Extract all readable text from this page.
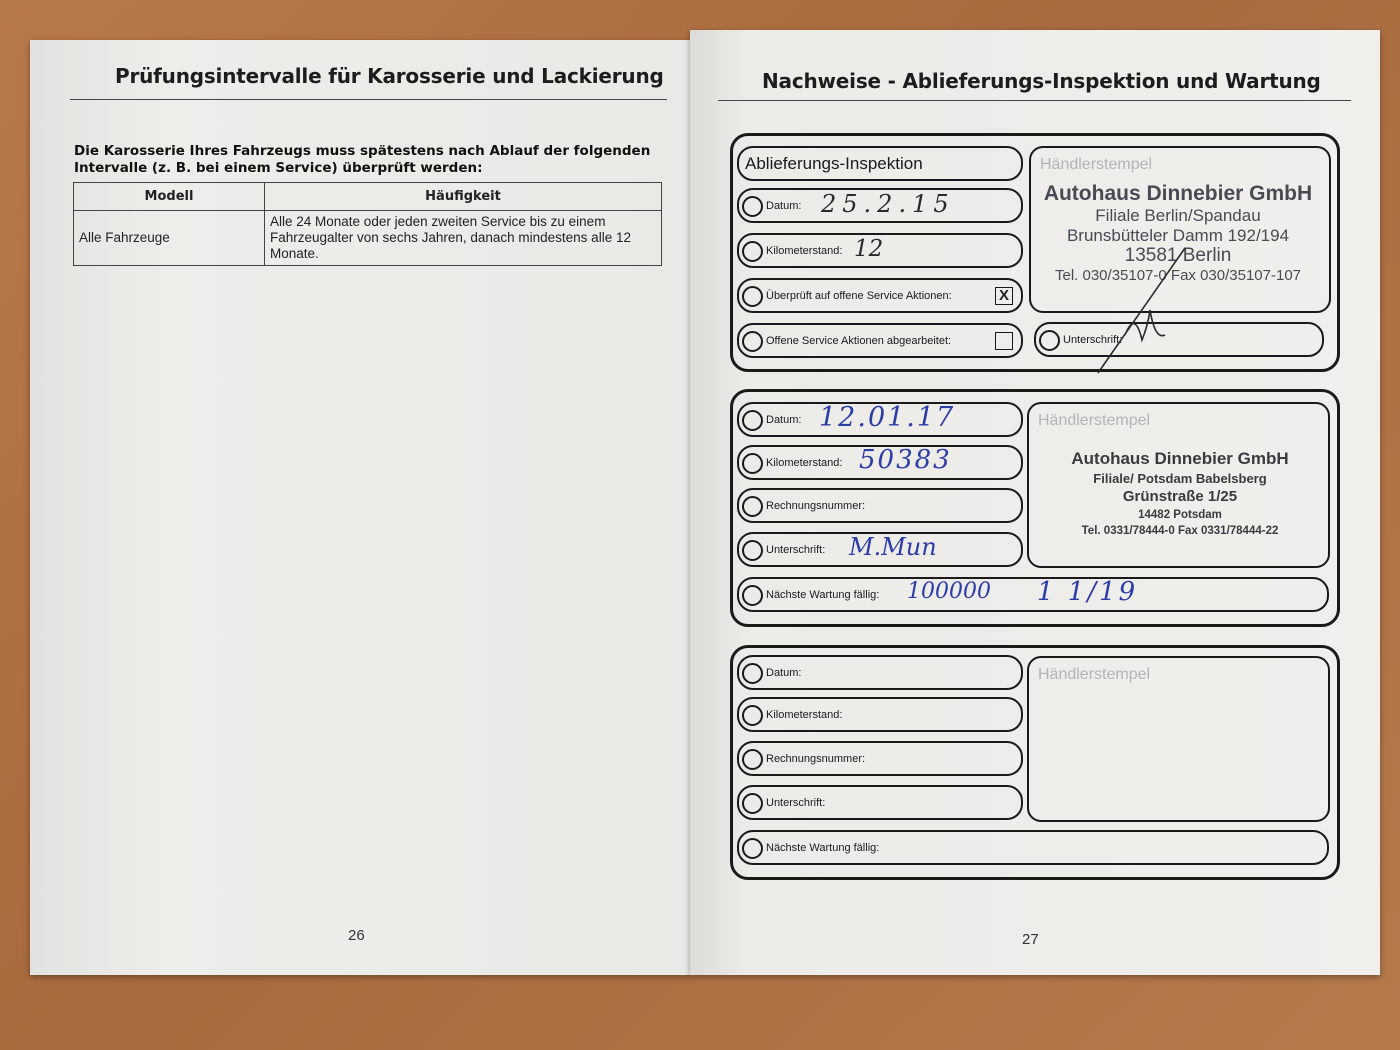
Prüfungsintervalle für Karosserie und Lackierung
Die Karosserie Ihres Fahrzeugs muss spätestens nach Ablauf der folgenden Intervalle (z. B. bei einem Service) überprüft werden:
Modell	Häufigkeit
Alle Fahrzeuge	Alle 24 Monate oder jeden zweiten Service bis zu einem Fahrzeugalter von sechs Jahren, danach mindestens alle 12 Monate.
26
Nachweise - Ablieferungs-Inspektion und Wartung
Ablieferungs-Inspektion
Datum: 25.2.15
Kilometerstand: 12
Überprüft auf offene Service Aktionen:	X
Offene Service Aktionen abgearbeitet:
Händlerstempel
Autohaus Dinnebier GmbH
Filiale Berlin/Spandau
Brunsbütteler Damm 192/194
13581 Berlin
Tel. 030/35107-0 Fax 030/35107-107
Unterschrift:
Datum: 12.01.17
Kilometerstand: 50383
Rechnungsnummer:
Unterschrift: M.Mun
Händlerstempel
Autohaus Dinnebier GmbH
Filiale/ Potsdam Babelsberg
Grünstraße 1/25
14482 Potsdam
Tel. 0331/78444-0 Fax 0331/78444-22
Nächste Wartung fällig: 100000 1 1/19
Datum:
Kilometerstand:
Rechnungsnummer:
Unterschrift:
Händlerstempel
Nächste Wartung fällig:
27
